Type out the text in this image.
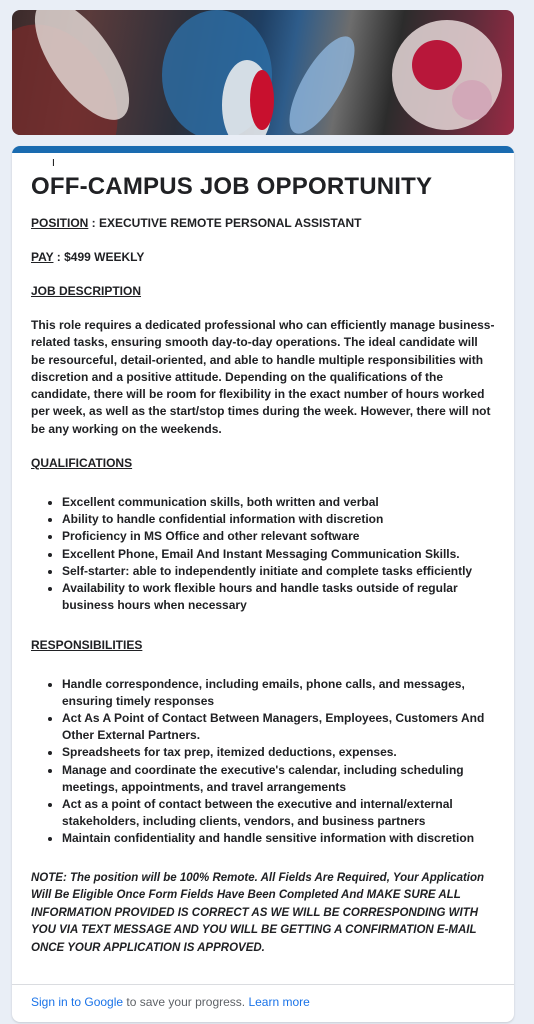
OFF-CAMPUS JOB OPPORTUNITY
POSITION : EXECUTIVE REMOTE PERSONAL ASSISTANT
PAY : $499 WEEKLY
JOB DESCRIPTION

This role requires a dedicated professional who can efficiently manage business-related tasks, ensuring smooth day-to-day operations. The ideal candidate will be resourceful, detail-oriented, and able to handle multiple responsibilities with discretion and a positive attitude. Depending on the qualifications of the candidate, there will be room for flexibility in the exact number of hours worked per week, as well as the start/stop times during the week. However, there will not be any working on the weekends.

QUALIFICATIONS
• Excellent communication skills, both written and verbal
• Ability to handle confidential information with discretion
• Proficiency in MS Office and other relevant software
• Excellent Phone, Email And Instant Messaging Communication Skills.
• Self-starter: able to independently initiate and complete tasks efficiently
• Availability to work flexible hours and handle tasks outside of regular business hours when necessary
RESPONSIBILITIES
• Handle correspondence, including emails, phone calls, and messages, ensuring timely responses
• Act As A Point of Contact Between Managers, Employees, Customers And Other External Partners.
• Spreadsheets for tax prep, itemized deductions, expenses.
• Manage and coordinate the executive's calendar, including scheduling meetings, appointments, and travel arrangements
• Act as a point of contact between the executive and internal/external stakeholders, including clients, vendors, and business partners
• Maintain confidentiality and handle sensitive information with discretion

NOTE: The position will be 100% Remote. All Fields Are Required, Your Application Will Be Eligible Once Form Fields Have Been Completed And MAKE SURE ALL INFORMATION PROVIDED IS CORRECT AS WE WILL BE CORRESPONDING WITH YOU VIA TEXT MESSAGE AND YOU WILL BE GETTING A CONFIRMATION E-MAIL ONCE YOUR APPLICATION IS APPROVED.

Sign in to Google to save your progress. Learn more
I
